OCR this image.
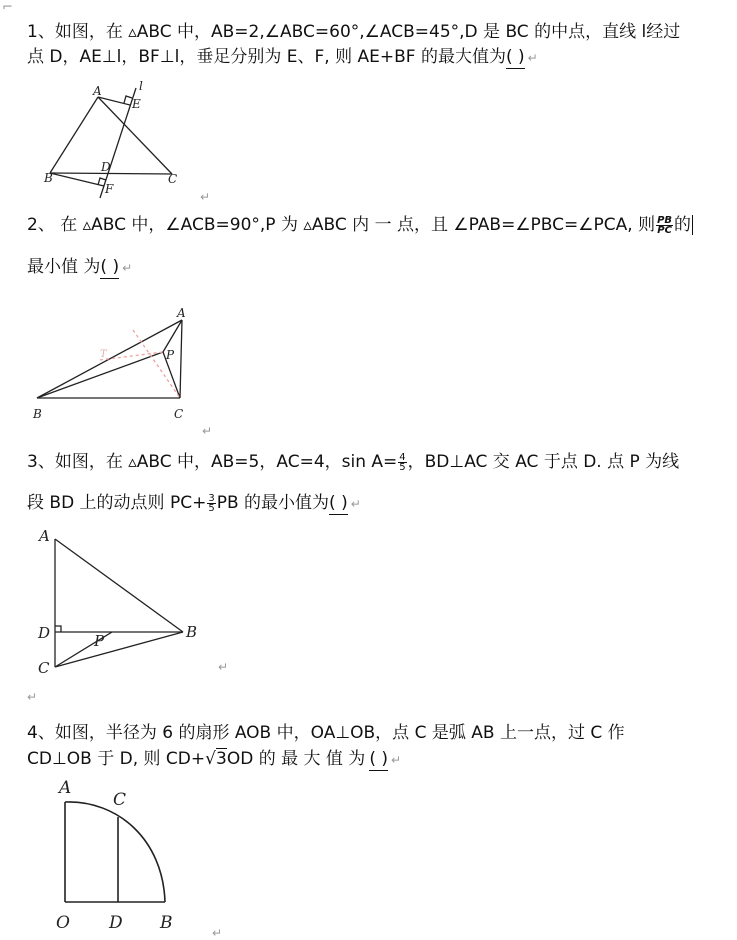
⌐
1、如图，在 ▵ABC 中，AB=2,∠ABC=60°,∠ACB=45°,D 是 BC 的中点，直线 l经过
点 D，AE⊥l，BF⊥l，垂足分别为 E、F, 则 AE+BF 的最大值为( ) ↵
A
B	C
D
E
F
l
A
B	C
P
T
A
B
C
D	P
A
C
O D B
↵
2、 在 ▵ABC 中，∠ACB=90°,P 为 ▵ABC 内 一 点，且 ∠PAB=∠PBC=∠PCA, 则 $\frac{PB}{PC}$ 的
最小值 为( ) ↵
↵
3、如图，在 ▵ABC 中，AB=5，AC=4，$\sin A= \frac{4}{5}$ ，BD⊥AC 交 AC 于点 D. 点 P 为线
段 BD 上的动点则 $PC+ \frac{3}{5}$ PB 的最小值为( ) ↵
↵
↵
4、如图，半径为 6 的扇形 AOB 中，OA⊥OB，点 C 是弧 AB 上一点，过 C 作
CD⊥OB 于 D, 则 CD+√3OD 的 最 大 值 为 ( ) ↵
↵
